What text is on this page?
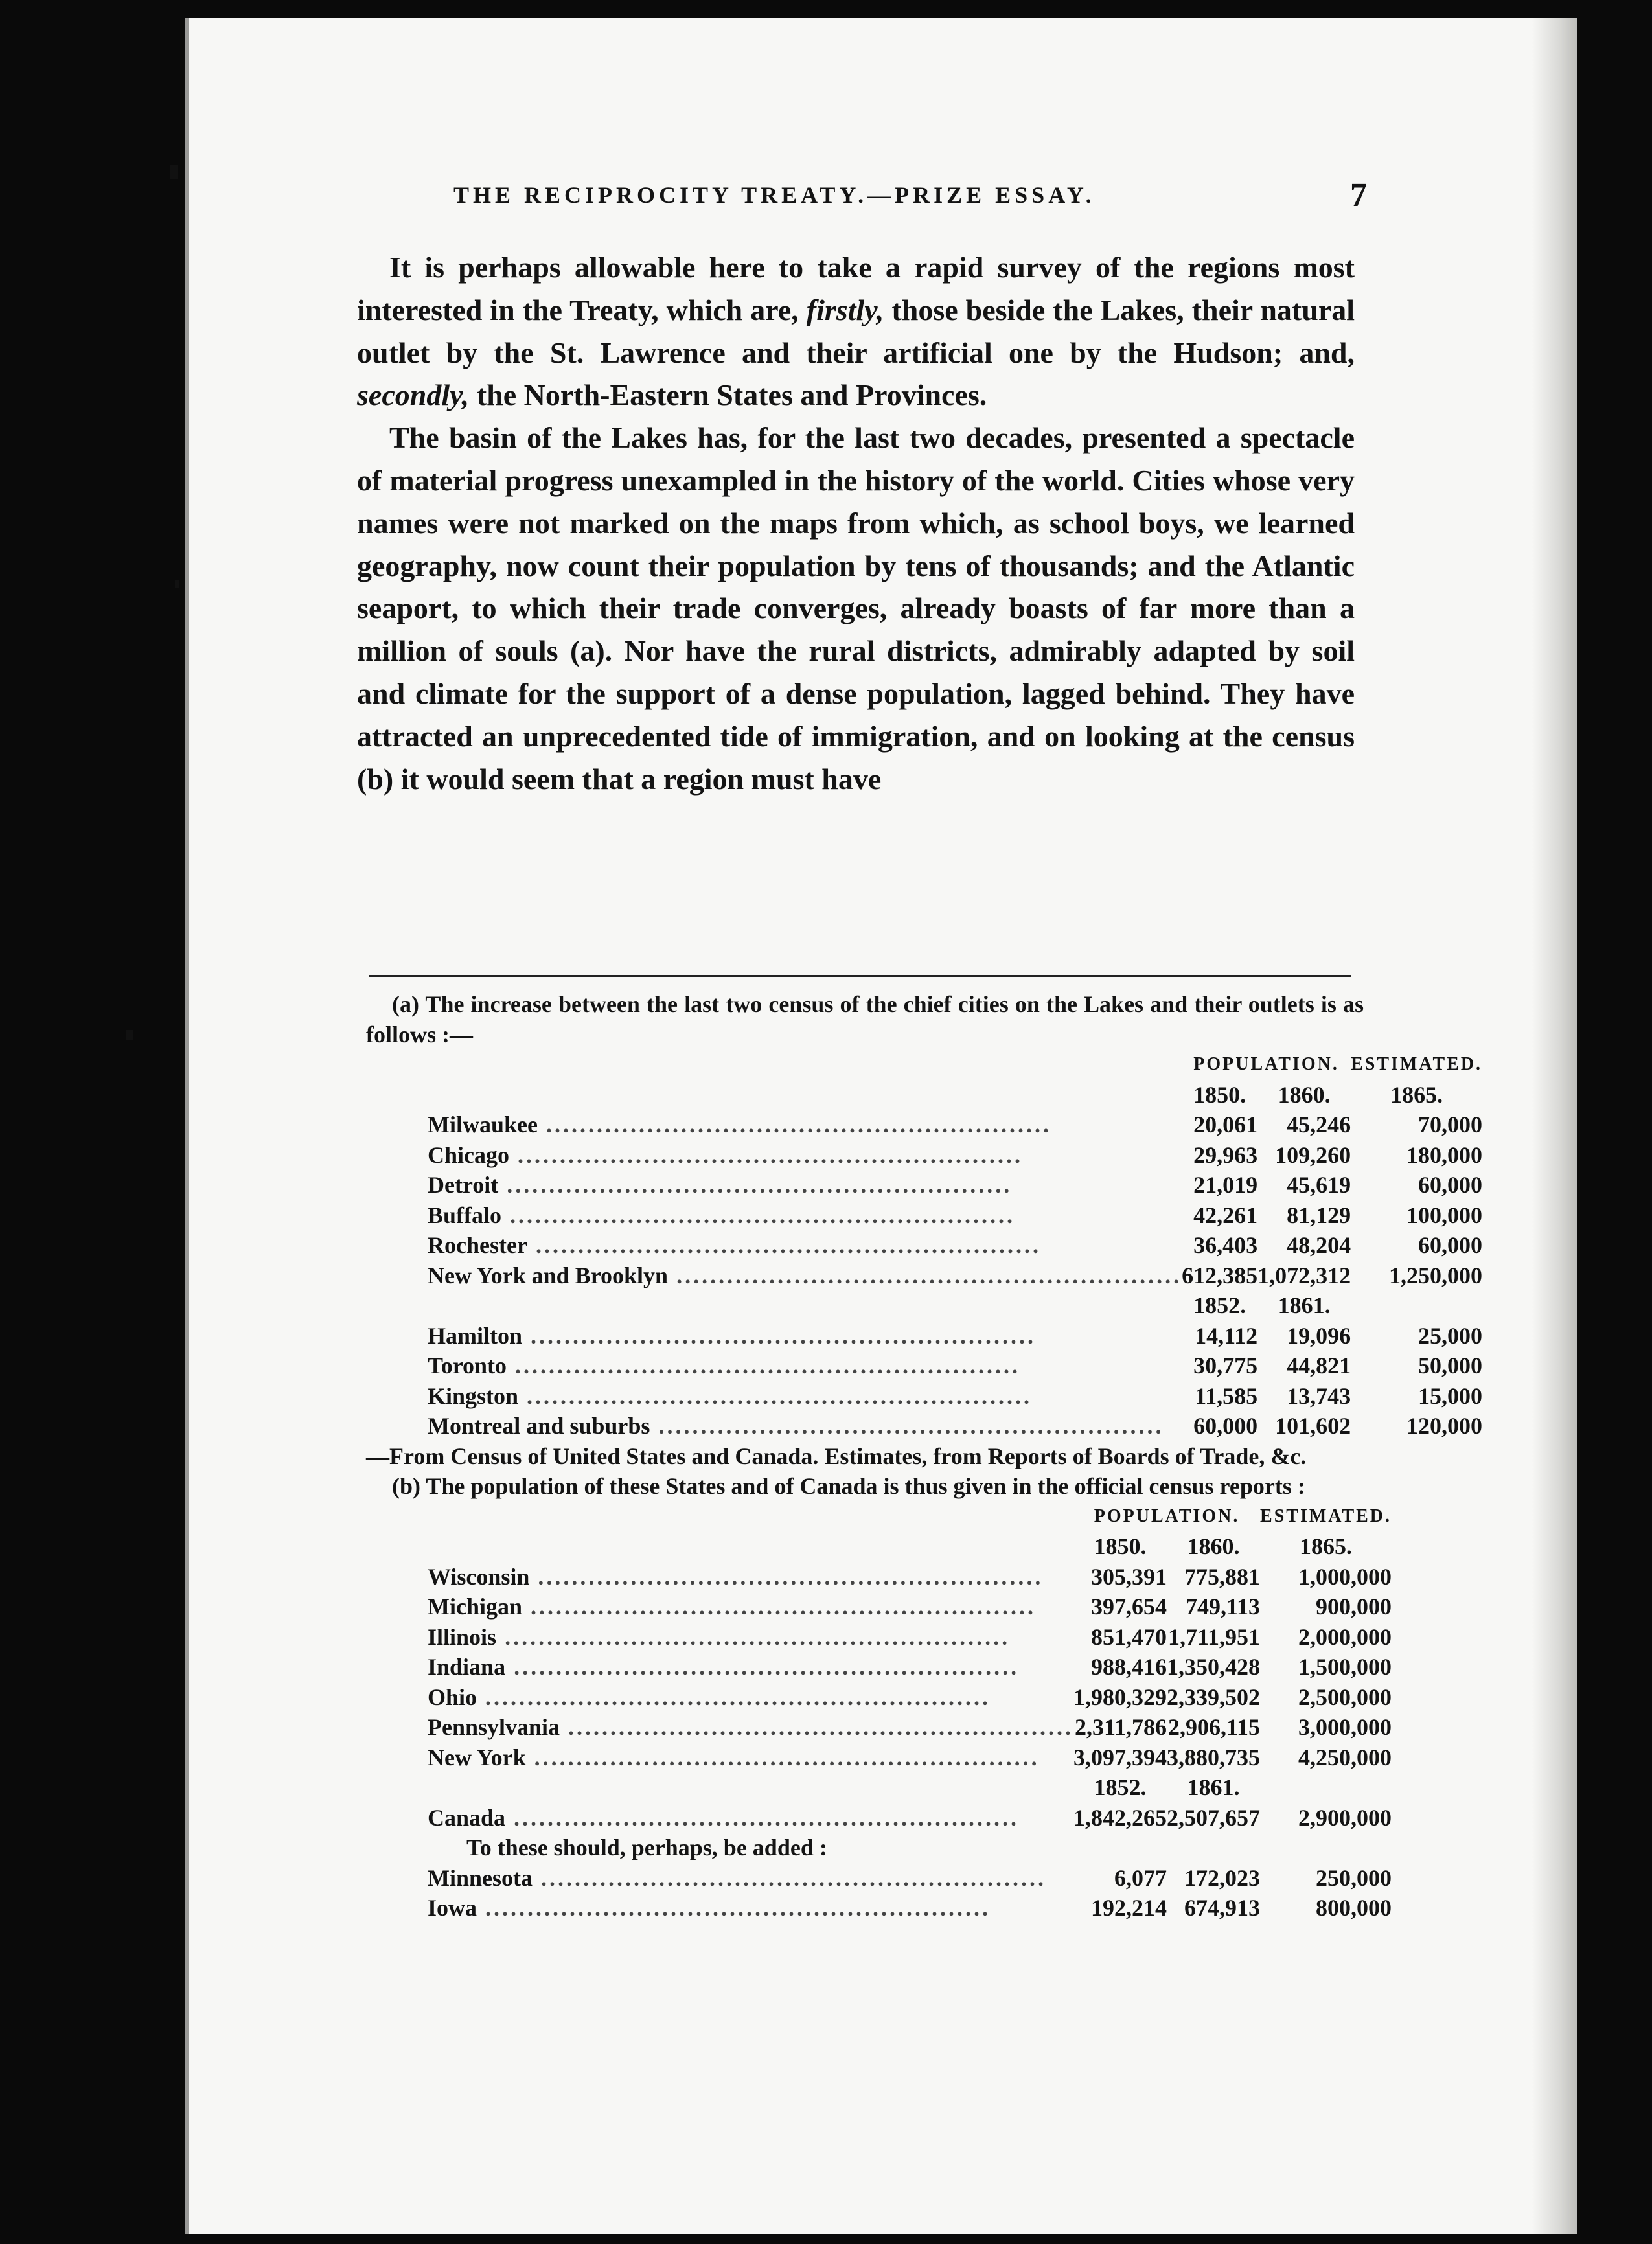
THE RECIPROCITY TREATY.—PRIZE ESSAY.	7

It is perhaps allowable here to take a rapid survey of the regions most interested in the Treaty, which are, firstly, those beside the Lakes, their natural outlet by the St. Lawrence and their artificial one by the Hudson; and, secondly, the North-Eastern States and Provinces.

The basin of the Lakes has, for the last two decades, presented a spectacle of material progress unexampled in the history of the world. Cities whose very names were not marked on the maps from which, as school boys, we learned geography, now count their population by tens of thousands; and the Atlantic seaport, to which their trade converges, already boasts of far more than a million of souls (a). Nor have the rural districts, admirably adapted by soil and climate for the support of a dense population, lagged behind. They have attracted an unprecedented tide of immigration, and on looking at the census (b) it would seem that a region must have

(a) The increase between the last two census of the chief cities on the Lakes and their outlets is as follows :—

	POPULATION.		ESTIMATED.
	1850.	1860.	1865.
Milwaukee ............................................................	20,061	45,246	70,000
Chicago ............................................................	29,963	109,260	180,000
Detroit ............................................................	21,019	45,619	60,000
Buffalo ............................................................	42,261	81,129	100,000
Rochester ............................................................	36,403	48,204	60,000
New York and Brooklyn ............................................................	612,385	1,072,312	1,250,000
	1852.	1861.	
Hamilton ............................................................	14,112	19,096	25,000
Toronto ............................................................	30,775	44,821	50,000
Kingston ............................................................	11,585	13,743	15,000
Montreal and suburbs ............................................................	60,000	101,602	120,000

—From Census of United States and Canada. Estimates, from Reports of Boards of Trade, &c.

(b) The population of these States and of Canada is thus given in the official census reports :

	POPULATION.		ESTIMATED.
	1850.	1860.	1865.
Wisconsin ............................................................	305,391	775,881	1,000,000
Michigan ............................................................	397,654	749,113	900,000
Illinois ............................................................	851,470	1,711,951	2,000,000
Indiana ............................................................	988,416	1,350,428	1,500,000
Ohio ............................................................	1,980,329	2,339,502	2,500,000
Pennsylvania ............................................................	2,311,786	2,906,115	3,000,000
New York ............................................................	3,097,394	3,880,735	4,250,000
	1852.	1861.	
Canada ............................................................	1,842,265	2,507,657	2,900,000
To these should, perhaps, be added :			
Minnesota ............................................................	6,077	172,023	250,000
Iowa ............................................................	192,214	674,913	800,000
